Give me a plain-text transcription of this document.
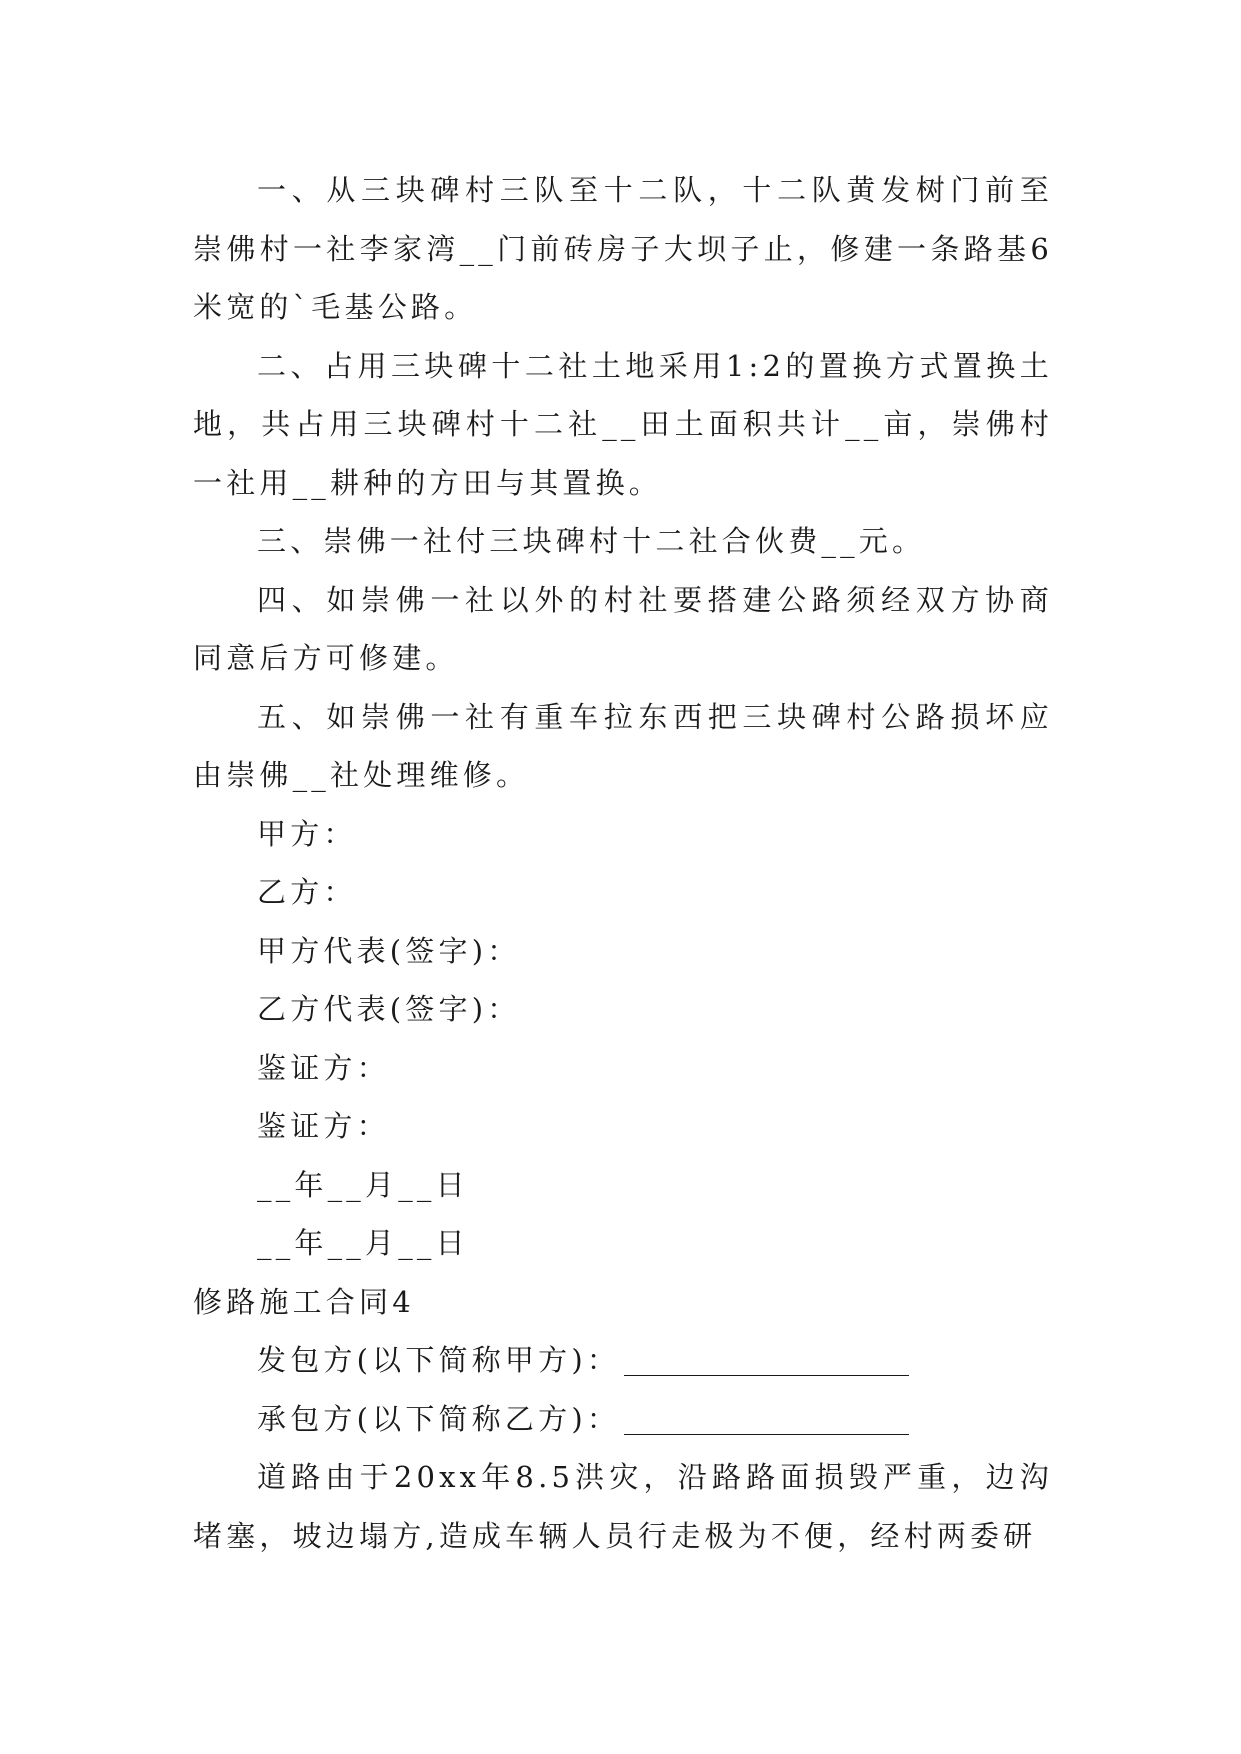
一、从三块碑村三队至十二队，十二队黄发树门前至崇佛村一社李家湾__门前砖房子大坝子止，修建一条路基6米宽的`毛基公路。

二、占用三块碑十二社土地采用1:2的置换方式置换土地，共占用三块碑村十二社__田土面积共计__亩，崇佛村一社用__耕种的方田与其置换。

三、崇佛一社付三块碑村十二社合伙费__元。

四、如崇佛一社以外的村社要搭建公路须经双方协商同意后方可修建。

五、如崇佛一社有重车拉东西把三块碑村公路损坏应由崇佛__社处理维修。

甲方：

乙方：

甲方代表(签字)：

乙方代表(签字)：

鉴证方：

鉴证方：

__年__月__日

__年__月__日

修路施工合同4

发包方(以下简称甲方)：

承包方(以下简称乙方)：

道路由于20xx年8.5洪灾，沿路路面损毁严重，边沟堵塞，坡边塌方,造成车辆人员行走极为不便，经村两委研
